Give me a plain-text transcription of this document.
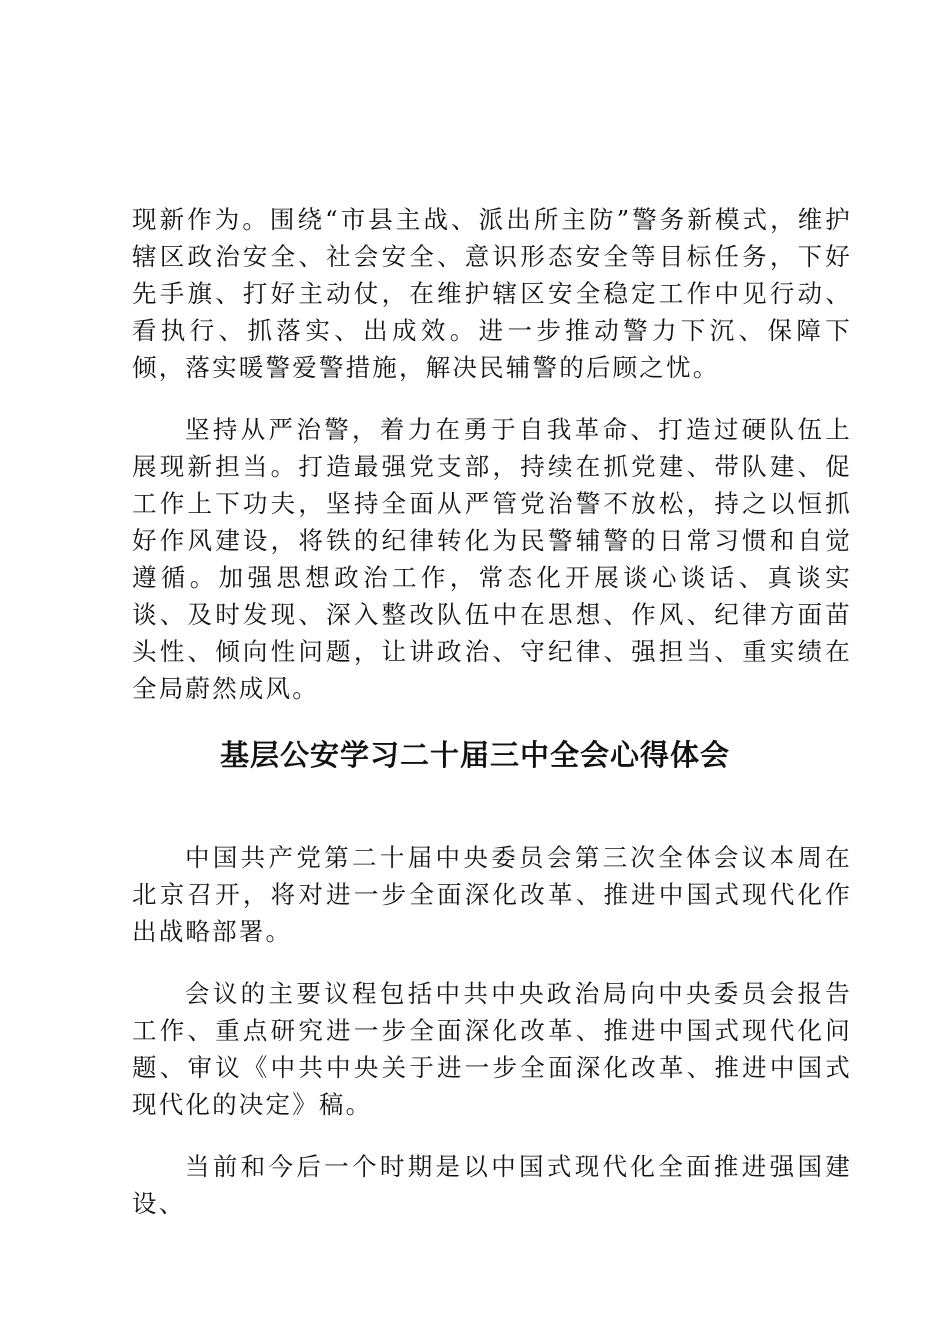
现新作为。围绕“市县主战、派出所主防”警务新模式，维护辖区政治安全、社会安全、意识形态安全等目标任务，下好先手旗、打好主动仗，在维护辖区安全稳定工作中见行动、看执行、抓落实、出成效。进一步推动警力下沉、保障下倾，落实暖警爱警措施，解决民辅警的后顾之忧。

坚持从严治警，着力在勇于自我革命、打造过硬队伍上展现新担当。打造最强党支部，持续在抓党建、带队建、促工作上下功夫，坚持全面从严管党治警不放松，持之以恒抓好作风建设，将铁的纪律转化为民警辅警的日常习惯和自觉遵循。加强思想政治工作，常态化开展谈心谈话、真谈实谈、及时发现、深入整改队伍中在思想、作风、纪律方面苗头性、倾向性问题，让讲政治、守纪律、强担当、重实绩在全局蔚然成风。

基层公安学习二十届三中全会心得体会

中国共产党第二十届中央委员会第三次全体会议本周在北京召开，将对进一步全面深化改革、推进中国式现代化作出战略部署。

会议的主要议程包括中共中央政治局向中央委员会报告工作、重点研究进一步全面深化改革、推进中国式现代化问题、审议《中共中央关于进一步全面深化改革、推进中国式现代化的决定》稿。

当前和今后一个时期是以中国式现代化全面推进强国建设、
